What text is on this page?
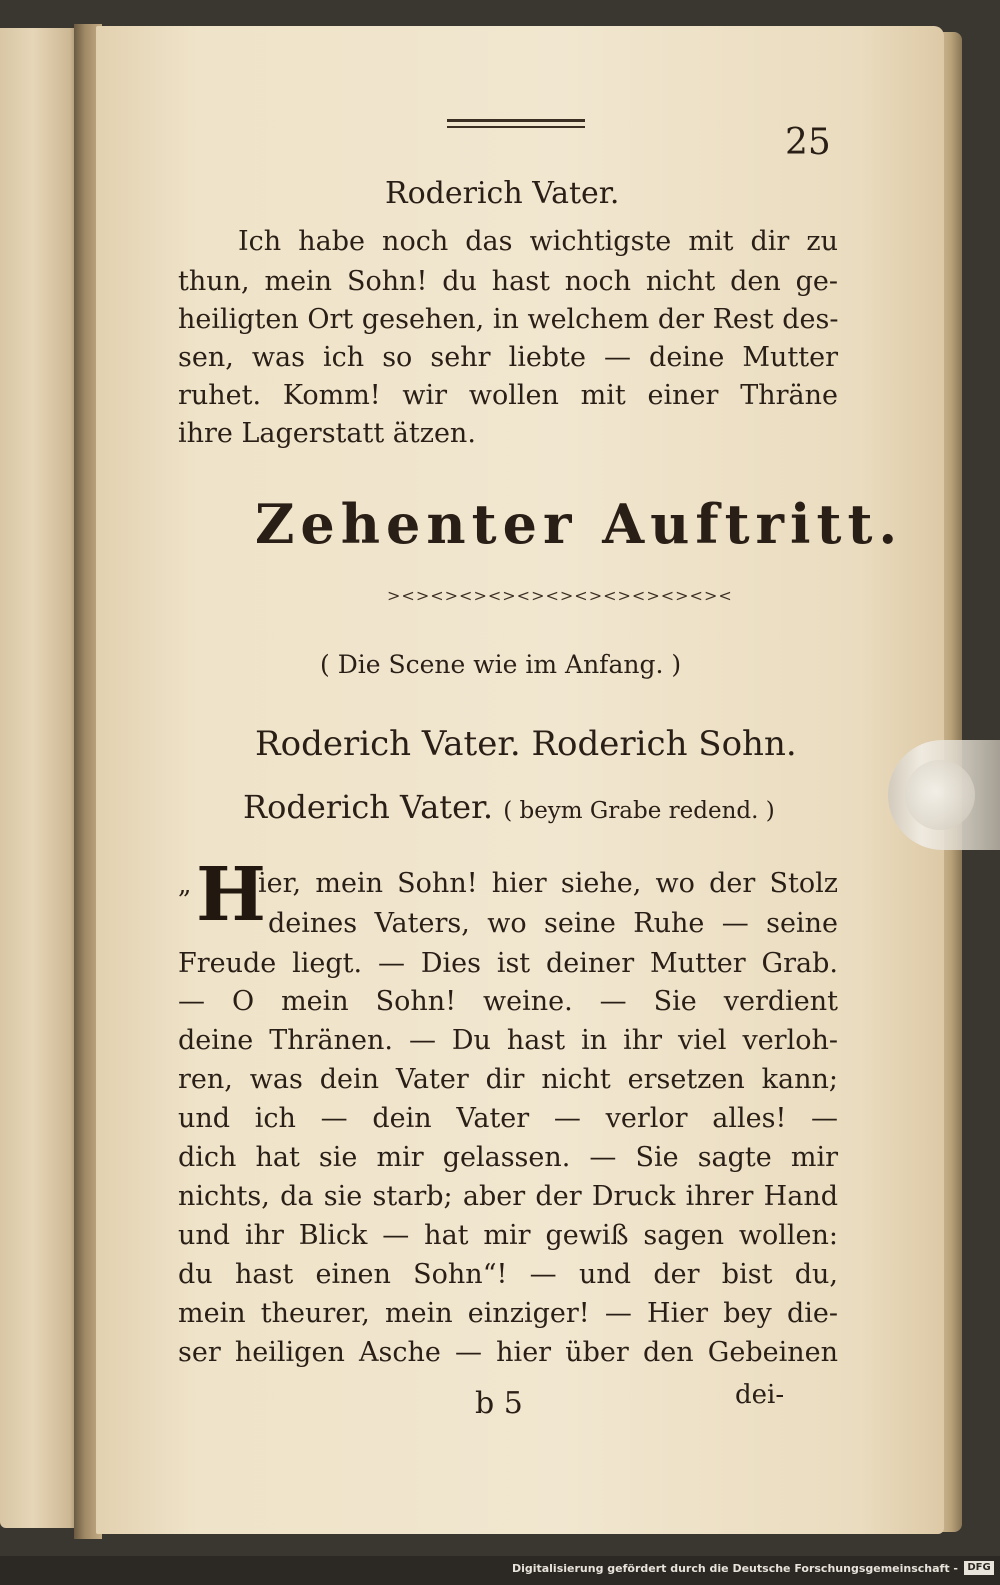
25
Roderich Vater.
Ich habe noch das wichtigste mit dir zu
thun, mein Sohn! du hast noch nicht den ge-
heiligten Ort gesehen, in welchem der Rest des-
sen, was ich so sehr liebte — deine Mutter
ruhet. Komm! wir wollen mit einer Thräne
ihre Lagerstatt ätzen.
Zehenter Auftritt.
><><><><><><><><><><><><
( Die Scene wie im Anfang. )
Roderich Vater. Roderich Sohn.
Roderich Vater. ( beym Grabe redend. )
„ H
ier, mein Sohn! hier siehe, wo der Stolz
deines Vaters, wo seine Ruhe — seine
Freude liegt. — Dies ist deiner Mutter Grab.
— O mein Sohn! weine. — Sie verdient
deine Thränen. — Du hast in ihr viel verloh-
ren, was dein Vater dir nicht ersetzen kann;
und ich — dein Vater — verlor alles! —
dich hat sie mir gelassen. — Sie sagte mir
nichts, da sie starb; aber der Druck ihrer Hand
und ihr Blick — hat mir gewiß sagen wollen:
du hast einen Sohn“! — und der bist du,
mein theurer, mein einziger! — Hier bey die-
ser heiligen Asche — hier über den Gebeinen
b 5	dei-
Digitalisierung gefördert durch die Deutsche Forschungsgemeinschaft - DFG
